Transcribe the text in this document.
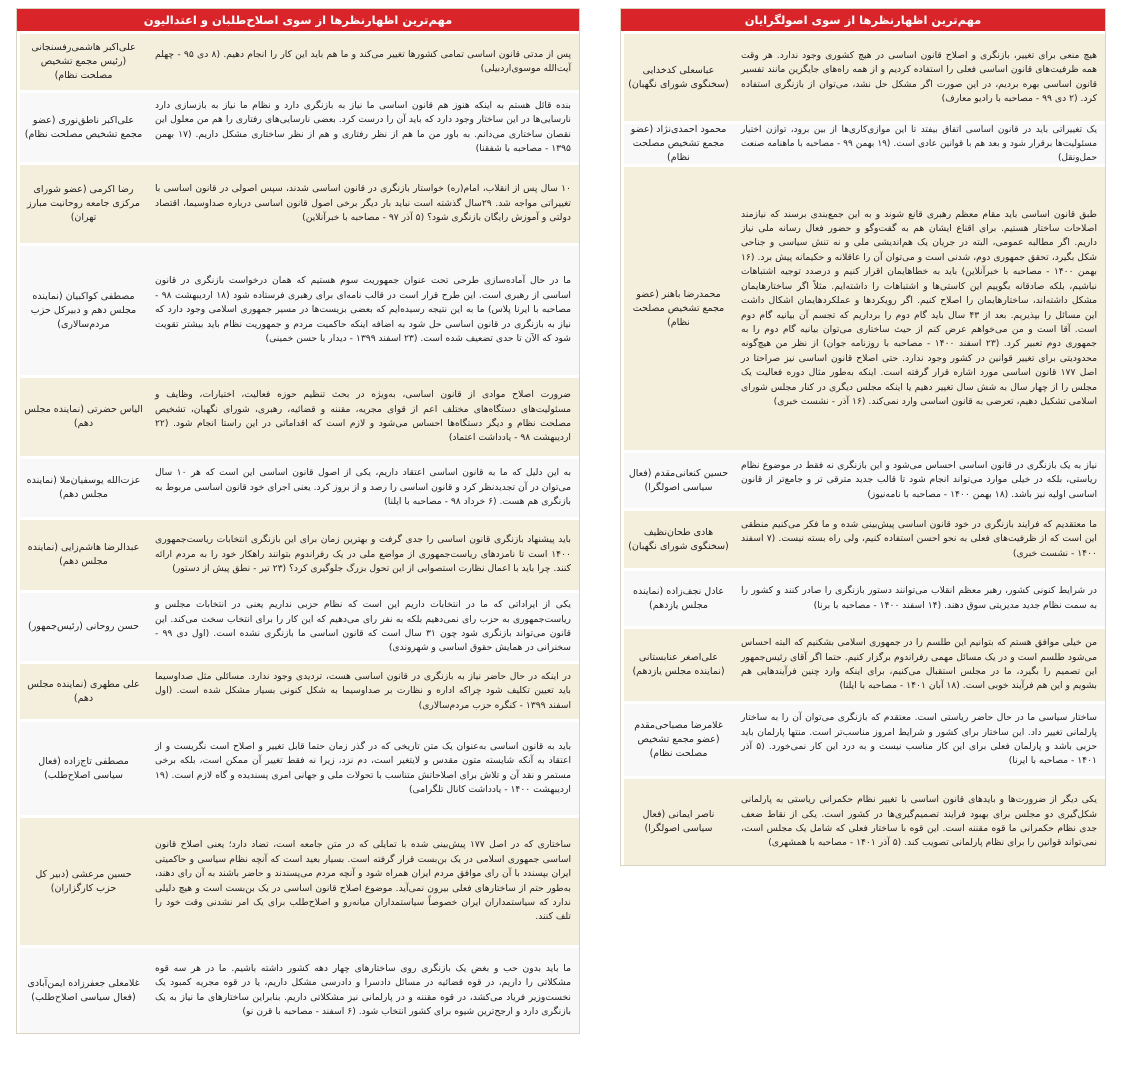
مهم‌ترین اظهارنظرها از سوی اصلاح‌طلبان و اعتدالیون
پس از مدتی قانون اساسی تمامی کشورها تغییر می‌کند و ما هم باید این کار را انجام دهیم. (۸ دی ۹۵ - چهلم آیت‌الله موسوی‌اردبیلی)
علی‌اکبر هاشمی‌رفسنجانی (رئیس مجمع تشخیص مصلحت نظام)
بنده قائل هستم به اینکه هنوز هم قانون اساسی ما نیاز به بازنگری دارد و نظام ما نیاز به بازسازی دارد نارسایی‌ها در این ساختار وجود دارد که باید آن را درست کرد. بعضی نارسایی‌های رفتاری را هم من معلول این نقصان ساختاری می‌دانم. به باور من ما هم از نظر رفتاری و هم از نظر ساختاری مشکل داریم. (۱۷ بهمن ۱۳۹۵ - مصاحبه با شفقنا)
علی‌اکبر ناطق‌نوری (عضو مجمع تشخیص مصلحت نظام)
۱۰ سال پس از انقلاب، امام(ره) خواستار بازنگری در قانون اساسی شدند، سپس اصولی در قانون اساسی با تغییراتی مواجه شد. ۲۹سال گذشته است نباید بار دیگر برخی اصول قانون اساسی درباره صداوسیما، اقتصاد دولتی و آموزش رایگان بازنگری شود؟ (۵ آذر ۹۷ - مصاحبه با خبرآنلاین)
رضا اکرمی (عضو شورای مرکزی جامعه روحانیت مبارز تهران)
ما در حال آماده‌سازی طرحی تحت عنوان جمهوریت سوم هستیم که همان درخواست بازنگری در قانون اساسی از رهبری است. این طرح قرار است در قالب نامه‌ای برای رهبری فرستاده شود (۱۸ اردیبهشت ۹۸ - مصاحبه با ایرنا پلاس) ما به این نتیجه رسیده‌ایم که بعضی بزیست‌ها در مسیر جمهوری اسلامی وجود دارد که نیاز به بازنگری در قانون اساسی حل شود به اضافه اینکه حاکمیت مردم و جمهوریت نظام باید بیشتر تقویت شود که الآن تا حدی تضعیف شده است. (۲۳ اسفند ۱۳۹۹ - دیدار با حسن خمینی)
مصطفی کواکبیان (نماینده مجلس دهم و دبیرکل حزب مردم‌سالاری)
ضرورت اصلاح موادی از قانون اساسی، به‌ویژه در بحث تنظیم حوزه فعالیت، اختیارات، وظایف و مسئولیت‌های دستگاه‌های مختلف اعم از قوای مجریه، مقننه و قضائیه، رهبری، شورای نگهبان، تشخیص مصلحت نظام و دیگر دستگاه‌ها احساس می‌شود و لازم است که اقداماتی در این راستا انجام شود. (۲۲ اردیبهشت ۹۸ - یادداشت اعتماد)
الیاس حضرتی (نماینده مجلس دهم)
به این دلیل که ما به قانون اساسی اعتقاد داریم، یکی از اصول قانون اساسی این است که هر ۱۰ سال می‌توان در آن تجدیدنظر کرد و قانون اساسی را رصد و از بروز کرد. یعنی اجرای خود قانون اساسی مربوط به بازنگری هم هست. (۶ خرداد ۹۸ - مصاحبه با ایلنا)
عزت‌الله یوسفیان‌ملا (نماینده مجلس دهم)
باید پیشنهاد بازنگری قانون اساسی را جدی گرفت و بهترین زمان برای این بازنگری انتخابات ریاست‌جمهوری ۱۴۰۰ است تا نامزدهای ریاست‌جمهوری از مواضع ملی در یک رفراندوم بتوانند راهکار خود را به مردم ارائه کنند. چرا باید با اعمال نظارت استصوابی از این تحول بزرگ جلوگیری کرد؟ (۲۳ تیر - نطق پیش از دستور)
عبدالرضا هاشم‌زایی (نماینده مجلس دهم)
یکی از ایراداتی که ما در انتخابات داریم این است که نظام حزبی نداریم یعنی در انتخابات مجلس و ریاست‌جمهوری به حزب رای نمی‌دهیم بلکه به نفر رای می‌دهیم که این کار را برای انتخاب سخت می‌کند. این قانون می‌تواند بازنگری شود چون ۳۱ سال است که قانون اساسی ما بازنگری نشده است. (اول دی ۹۹ - سخنرانی در همایش حقوق اساسی و شهروندی)
حسن روحانی (رئیس‌جمهور)
در اینکه در حال حاضر نیاز به بازنگری در قانون اساسی هست، تردیدی وجود ندارد. مسائلی مثل صداوسیما باید تعیین تکلیف شود چراکه اداره و نظارت بر صداوسیما به شکل کنونی بسیار مشکل شده است. (اول اسفند ۱۳۹۹ - کنگره حزب مردم‌سالاری)
علی مطهری (نماینده مجلس دهم)
باید به قانون اساسی به‌عنوان یک متن تاریخی که در گذر زمان حتما قابل تغییر و اصلاح است نگریست و از اعتقاد به آنکه شایسته متون مقدس و لایتغیر است، دم نزد، زیرا نه فقط تغییر آن ممکن است، بلکه برخی مستمر و نقد آن و تلاش برای اصلاحاتش متناسب با تحولات ملی و جهانی امری پسندیده و گاه لازم است. (۱۹ اردیبهشت ۱۴۰۰ - یادداشت کانال تلگرامی)
مصطفی تاج‌زاده (فعال سیاسی اصلاح‌طلب)
ساختاری که در اصل ۱۷۷ پیش‌بینی شده با تمایلی که در متن جامعه است، تضاد دارد؛ یعنی اصلاح قانون اساسی جمهوری اسلامی در یک بن‌بست قرار گرفته است. بسیار بعید است که آنچه نظام سیاسی و حاکمیتی ایران بپسندد با آن رای موافق مردم ایران همراه شود و آنچه مردم می‌پسندند و حاضر باشند به آن رای دهند، به‌طور حتم از ساختارهای فعلی بیرون نمی‌آید. موضوع اصلاح قانون اساسی در یک بن‌بست است و هیچ دلیلی ندارد که سیاستمداران ایران خصوصاً سیاستمداران میانه‌رو و اصلاح‌طلب برای یک امر نشدنی وقت خود را تلف کنند.
حسین مرعشی (دبیر کل حزب کارگزاران)
ما باید بدون حب و بغض یک بازنگری روی ساختارهای چهار دهه کشور داشته باشیم. ما در هر سه قوه مشکلاتی را داریم، در قوه قضائیه در مسائل دادسرا و دادرسی مشکل داریم، یا در قوه مجریه کمبود یک نخست‌وزیر فریاد می‌کشد، در قوه مقننه و در پارلمانی نیز مشکلاتی داریم. بنابراین ساختارهای ما نیاز به یک بازنگری دارد و ارجح‌ترین شیوه برای کشور انتخاب شود. (۶ اسفند - مصاحبه با قرن نو)
غلامعلی جعفرزاده ایمن‌آبادی (فعال سیاسی اصلاح‌طلب)
مهم‌ترین اظهارنظرها از سوی اصولگرایان
هیچ منعی برای تغییر، بازنگری و اصلاح قانون اساسی در هیچ کشوری وجود ندارد. هر وقت همه ظرفیت‌های قانون اساسی فعلی را استفاده کردیم و از همه راه‌های جایگزین مانند تفسیر قانون اساسی بهره بردیم، در این صورت اگر مشکل حل نشد، می‌توان از بازنگری استفاده کرد. (۲ دی ۹۹ - مصاحبه با رادیو معارف)
عباسعلی کدخدایی (سخنگوی شورای نگهبان)
یک تغییراتی باید در قانون اساسی اتفاق بیفتد تا این موازی‌کاری‌ها از بین برود، توازن اختیار مسئولیت‌ها برقرار شود و بعد هم با قوانین عادی است. (۱۹ بهمن ۹۹ - مصاحبه با ماهنامه صنعت حمل‌ونقل)
محمود احمدی‌نژاد (عضو مجمع تشخیص مصلحت نظام)
طبق قانون اساسی باید مقام معظم رهبری قانع شوند و به این جمع‌بندی برسند که نیازمند اصلاحات ساختار هستیم. برای اقناع ایشان هم به گفت‌وگو و حضور فعال رسانه ملی نیاز داریم. اگر مطالبه عمومی، البته در جریان یک هم‌اندیشی ملی و نه تنش سیاسی و جناحی شکل بگیرد، تحقق جمهوری دوم، شدنی است و می‌توان آن را عاقلانه و حکیمانه پیش برد. (۱۶ بهمن ۱۴۰۰ - مصاحبه با خبرآنلاین) باید به خطاهایمان اقرار کنیم و درصدد توجیه اشتباهات نباشیم، بلکه صادقانه بگوییم این کاستی‌ها و اشتباهات را داشته‌ایم. مثلاً اگر ساختارهایمان مشکل داشته‌اند، ساختارهایمان را اصلاح کنیم. اگر رویکردها و عملکردهایمان اشکال داشت این مسائل را بپذیریم. بعد از ۴۳ سال باید گام دوم را برداریم که تجسم آن بیانیه گام دوم است. آقا است و من می‌خواهم عرض کنم از حیث ساختاری می‌توان بیانیه گام دوم را به جمهوری دوم تعبیر کرد. (۲۳ اسفند ۱۴۰۰ - مصاحبه با روزنامه جوان) از نظر من هیچ‌گونه محدودیتی برای تغییر قوانین در کشور وجود ندارد. حتی اصلاح قانون اساسی نیز صراحتا در اصل ۱۷۷ قانون اساسی مورد اشاره قرار گرفته است. اینکه به‌طور مثال دوره فعالیت یک مجلس را از چهار سال به شش سال تغییر دهیم یا اینکه مجلس دیگری در کنار مجلس شورای اسلامی تشکیل دهیم، تعرضی به قانون اساسی وارد نمی‌کند. (۱۶ آذر - نشست خبری)
محمدرضا باهنر (عضو مجمع تشخیص مصلحت نظام)
نیاز به یک بازنگری در قانون اساسی احساس می‌شود و این بازنگری نه فقط در موضوع نظام ریاستی، بلکه در خیلی موارد می‌تواند انجام شود تا قالب جدید مترقی تر و جامع‌تر از قانون اساسی اولیه نیز باشد. (۱۸ بهمن ۱۴۰۰ - مصاحبه با نامه‌نیوز)
حسین کنعانی‌مقدم (فعال سیاسی اصولگرا)
ما معتقدیم که فرایند بازنگری در خود قانون اساسی پیش‌بینی شده و ما فکر می‌کنیم منطقی این است که از ظرفیت‌های فعلی به نحو احسن استفاده کنیم، ولی راه بسته نیست. (۷ اسفند ۱۴۰۰ - نشست خبری)
هادی طحان‌نظیف (سخنگوی شورای نگهبان)
در شرایط کنونی کشور، رهبر معظم انقلاب می‌توانند دستور بازنگری را صادر کنند و کشور را به سمت نظام جدید مدیریتی سوق دهند. (۱۴ اسفند ۱۴۰۰ - مصاحبه با برنا)
عادل نجف‌زاده (نماینده مجلس یازدهم)
من خیلی موافق هستم که بتوانیم این طلسم را در جمهوری اسلامی بشکنیم که البته احساس می‌شود طلسم است و در یک مسائل مهمی رفراندوم برگزار کنیم. حتما اگر آقای رئیس‌جمهور این تصمیم را بگیرد، ما در مجلس استقبال می‌کنیم، برای اینکه وارد چنین فرآیندهایی هم بشویم و این هم فرآیند خوبی است. (۱۸ آبان ۱۴۰۱ - مصاحبه با ایلنا)
علی‌اصغر عنابستانی (نماینده مجلس یازدهم)
ساختار سیاسی ما در حال حاضر ریاستی است. معتقدم که بازنگری می‌توان آن را به ساختار پارلمانی تغییر داد. این ساختار برای کشور و شرایط امروز مناسب‌تر است. منتها پارلمان باید حزبی باشد و پارلمان فعلی برای این کار مناسب نیست و به درد این کار نمی‌خورد. (۵ آذر ۱۴۰۱ - مصاحبه با ایرنا)
غلامرضا مصباحی‌مقدم (عضو مجمع تشخیص مصلحت نظام)
یکی دیگر از ضرورت‌ها و بایدهای قانون اساسی با تغییر نظام حکمرانی ریاستی به پارلمانی شکل‌گیری دو مجلس برای بهبود فرایند تصمیم‌گیری‌ها در کشور است. یکی از نقاط ضعف جدی نظام حکمرانی ما قوه مقننه است. این قوه با ساختار فعلی که شامل یک مجلس است، نمی‌تواند قوانین را برای نظام پارلمانی تصویب کند. (۵ آذر ۱۴۰۱ - مصاحبه با همشهری)
ناصر ایمانی (فعال سیاسی اصولگرا)
